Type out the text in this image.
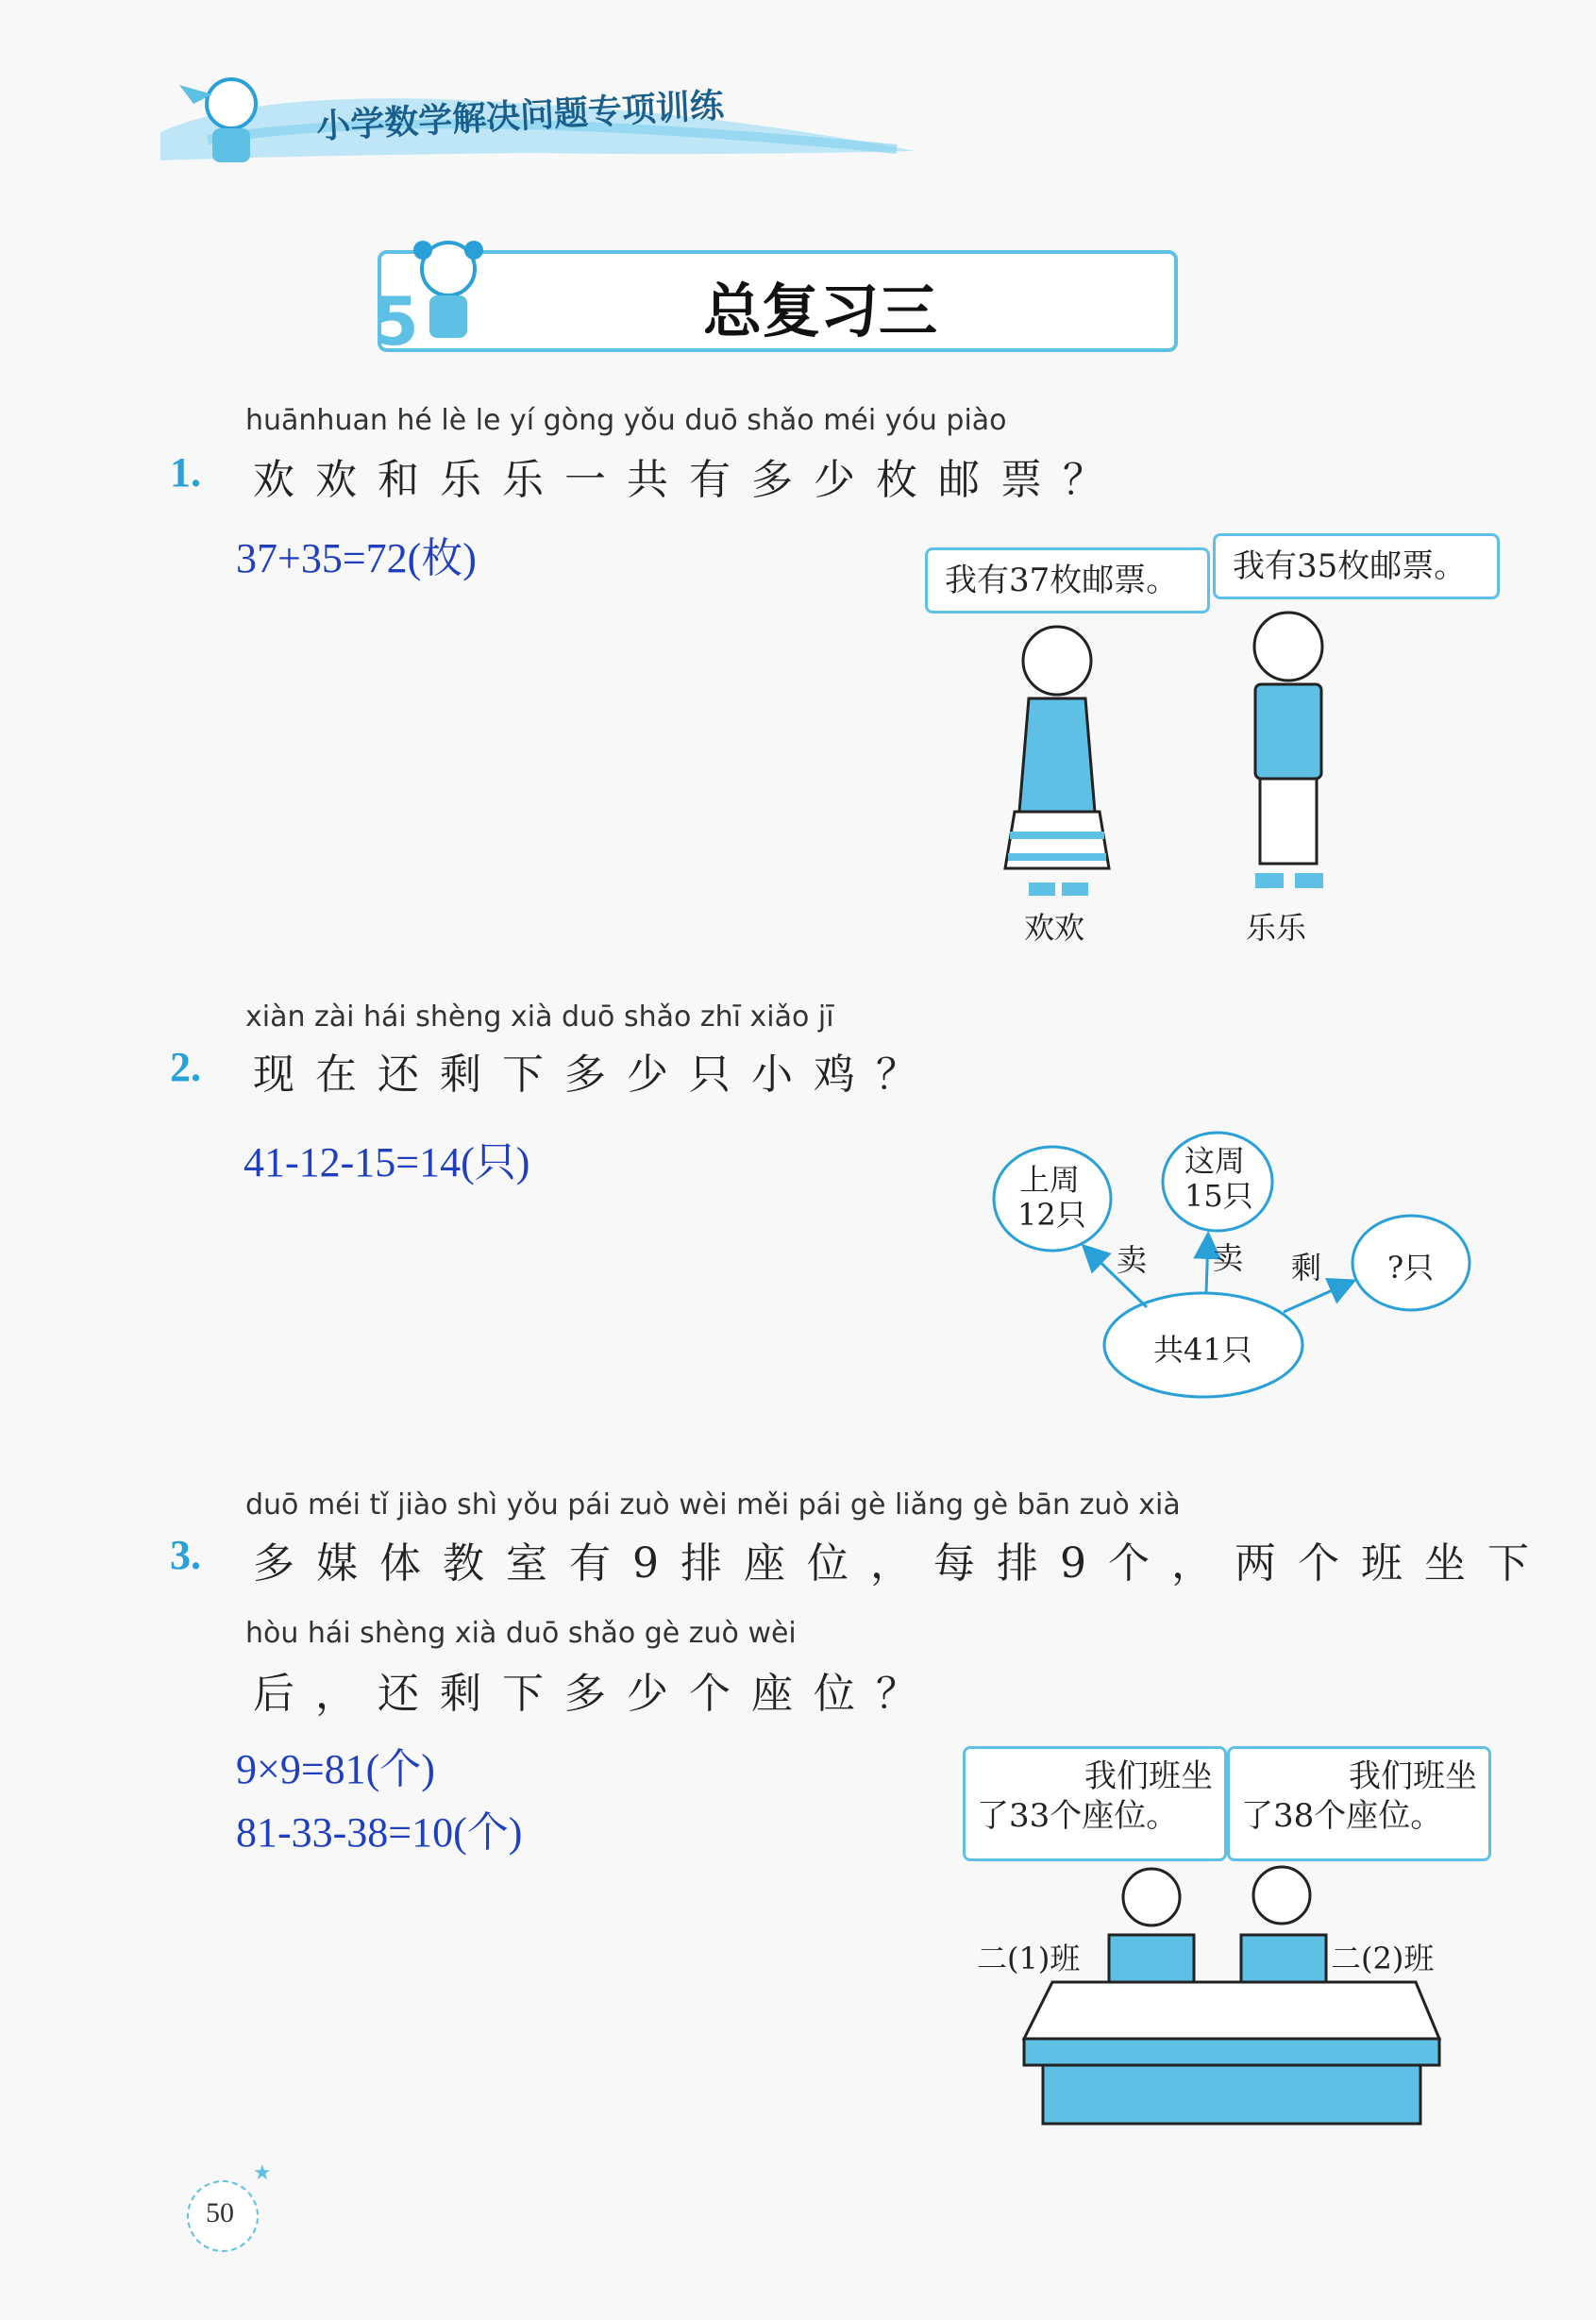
小学数学解决问题专项训练
5	总复习三
huānhuan hé lè le yí gòng yǒu duō shǎo méi yóu piào
1. 欢欢和乐乐一共有多少枚邮票？
37+35=72(枚)	我有37枚邮票。	我有35枚邮票。
欢欢	乐乐
xiàn zài hái shèng xià duō shǎo zhī xiǎo jī
2. 现在还剩下多少只小鸡？
41-12-15=14(只)	上周
12只
这周
15只
?只
共41只
卖 卖 剩
duō méi tǐ jiào shì yǒu pái zuò wèi měi pái gè liǎng gè bān zuò xià
3. 多媒体教室有9排座位，每排9个，两个班坐下
hòu hái shèng xià duō shǎo gè zuò wèi
后，还剩下多少个座位？
9×9=81(个)
81-33-38=10(个)
我们班坐
了33个座位。
我们班坐
了38个座位。
二(1)班	二(2)班
★
50
